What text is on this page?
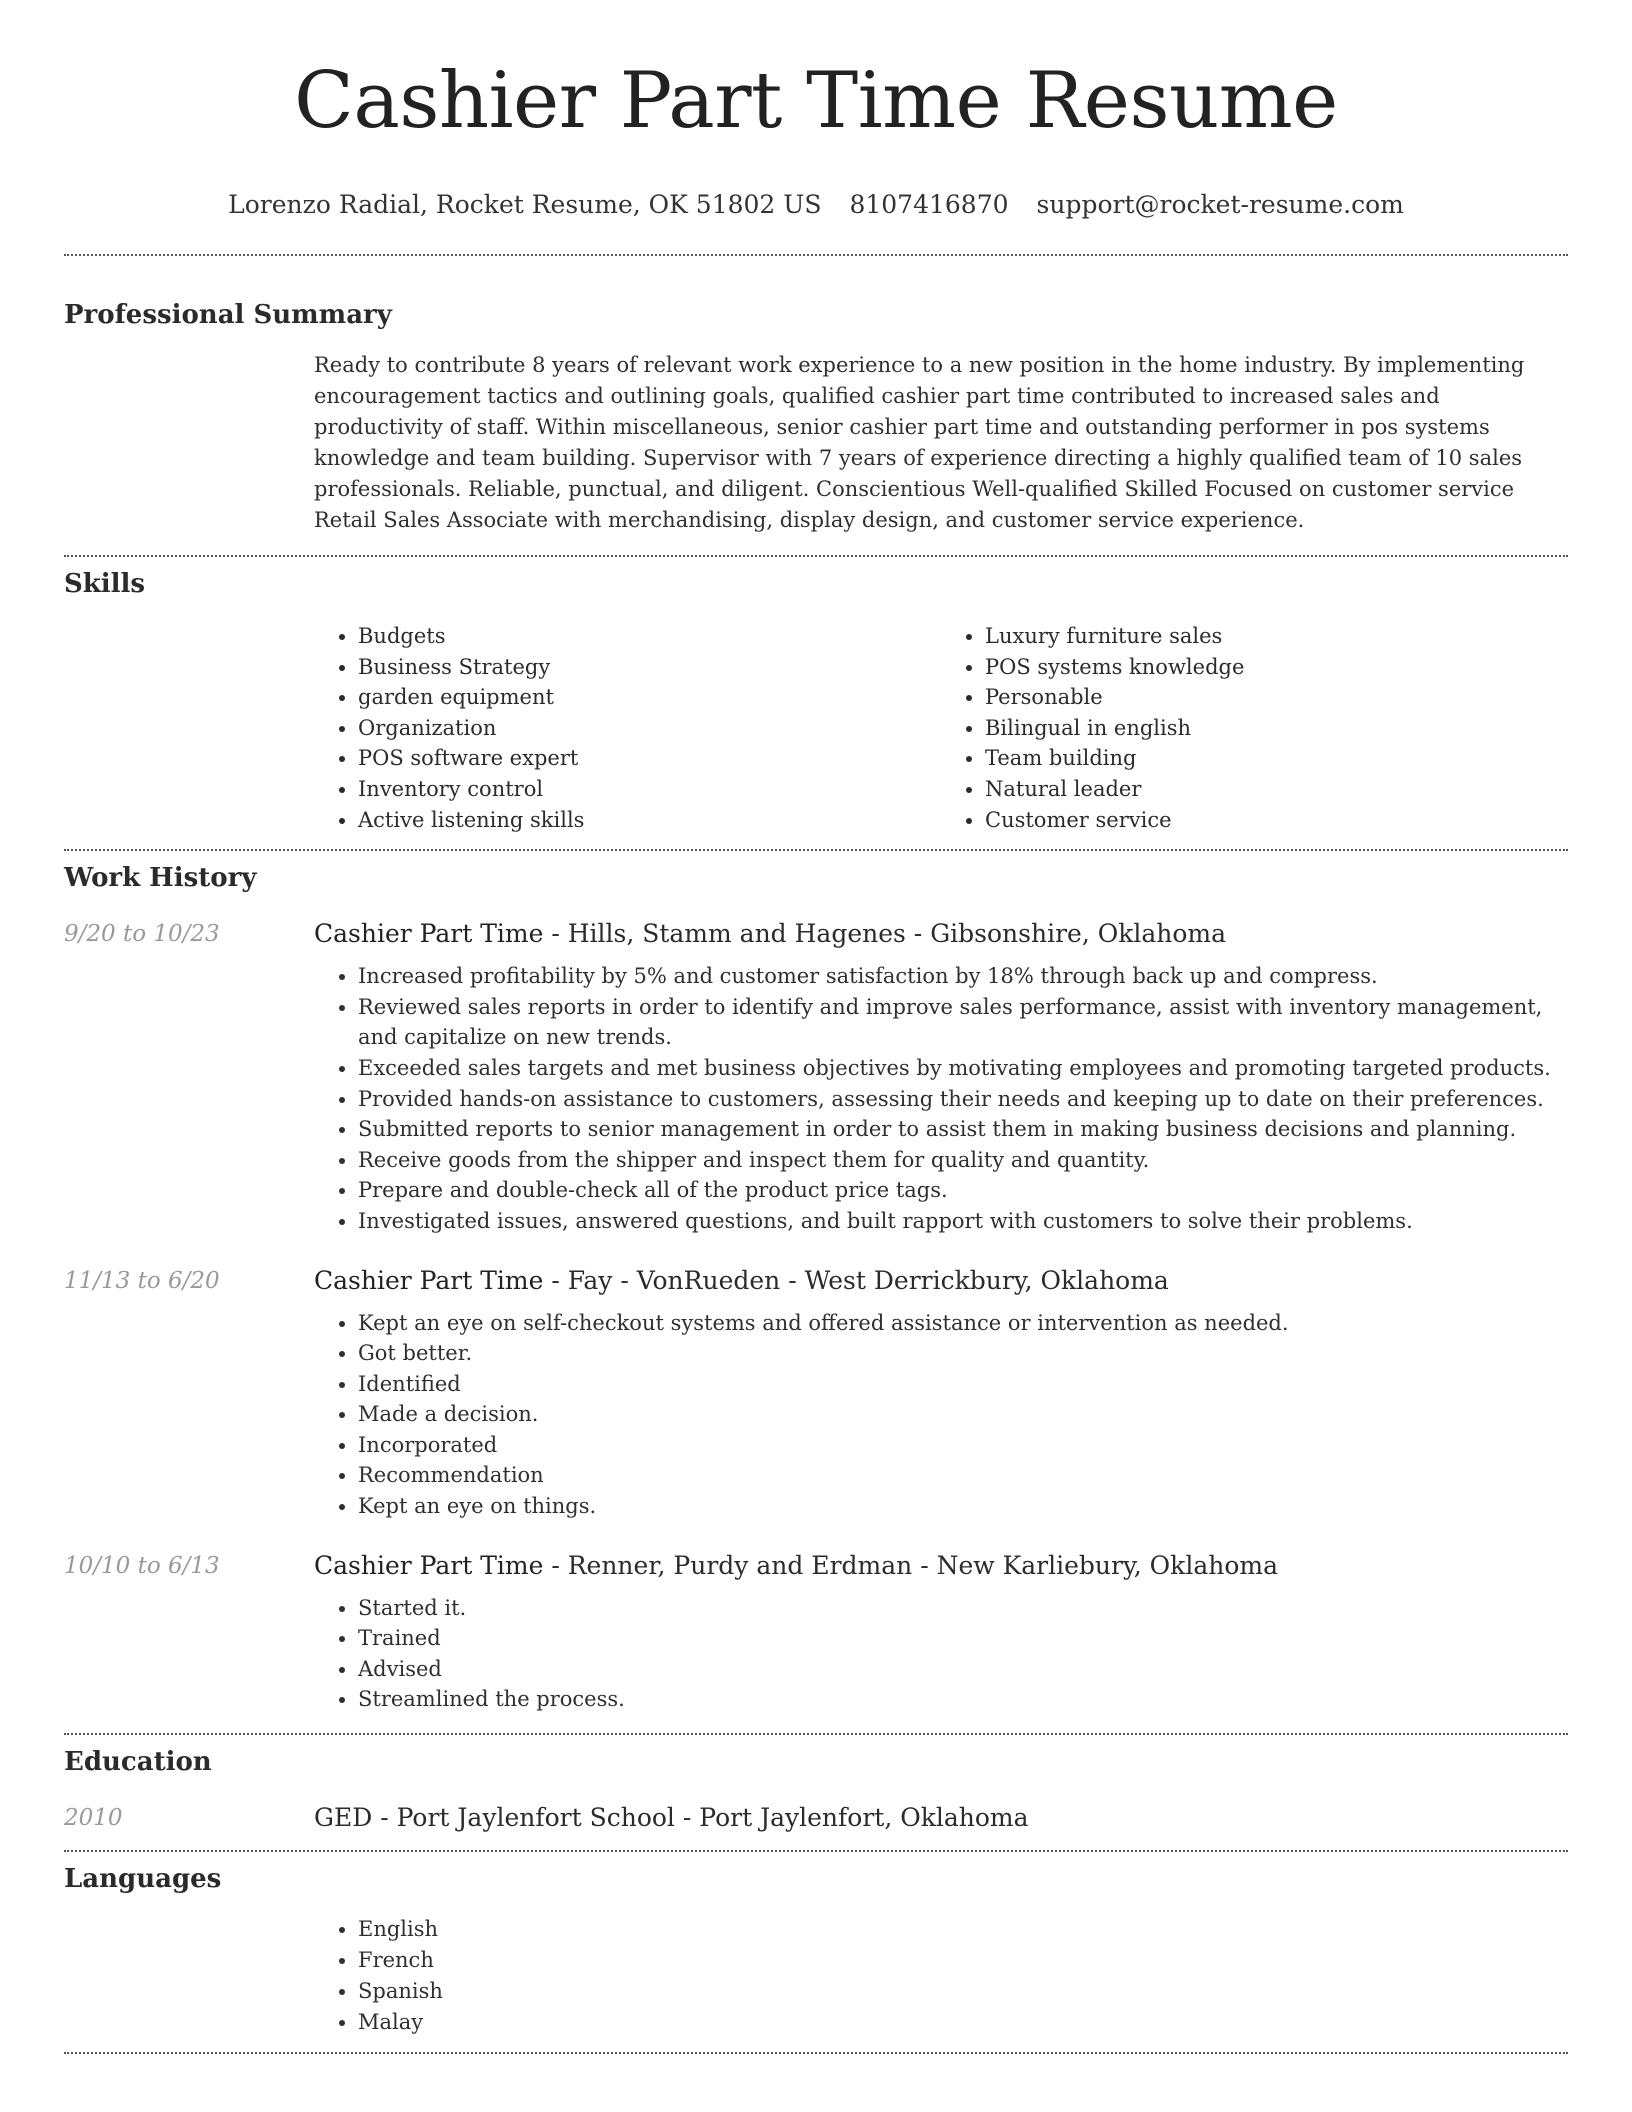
Cashier Part Time Resume
Lorenzo Radial, Rocket Resume, OK 51802 US 8107416870 support@rocket-resume.com
Professional Summary
Ready to contribute 8 years of relevant work experience to a new position in the home industry. By implementing encouragement tactics and outlining goals, qualified cashier part time contributed to increased sales and productivity of staff. Within miscellaneous, senior cashier part time and outstanding performer in pos systems knowledge and team building. Supervisor with 7 years of experience directing a highly qualified team of 10 sales professionals. Reliable, punctual, and diligent. Conscientious Well-qualified Skilled Focused on customer service Retail Sales Associate with merchandising, display design, and customer service experience.
Skills
• Budgets
• Business Strategy
• garden equipment
• Organization
• POS software expert
• Inventory control
• Active listening skills
• Luxury furniture sales
• POS systems knowledge
• Personable
• Bilingual in english
• Team building
• Natural leader
• Customer service
Work History
9/20 to 10/23	Cashier Part Time - Hills, Stamm and Hagenes - Gibsonshire, Oklahoma
• Increased profitability by 5% and customer satisfaction by 18% through back up and compress.
• Reviewed sales reports in order to identify and improve sales performance, assist with inventory management, and capitalize on new trends.
• Exceeded sales targets and met business objectives by motivating employees and promoting targeted products.
• Provided hands-on assistance to customers, assessing their needs and keeping up to date on their preferences.
• Submitted reports to senior management in order to assist them in making business decisions and planning.
• Receive goods from the shipper and inspect them for quality and quantity.
• Prepare and double-check all of the product price tags.
• Investigated issues, answered questions, and built rapport with customers to solve their problems.
11/13 to 6/20	Cashier Part Time - Fay - VonRueden - West Derrickbury, Oklahoma
• Kept an eye on self-checkout systems and offered assistance or intervention as needed.
• Got better.
• Identified
• Made a decision.
• Incorporated
• Recommendation
• Kept an eye on things.
10/10 to 6/13	Cashier Part Time - Renner, Purdy and Erdman - New Karliebury, Oklahoma
• Started it.
• Trained
• Advised
• Streamlined the process.
Education
2010	GED - Port Jaylenfort School - Port Jaylenfort, Oklahoma
Languages
• English
• French
• Spanish
• Malay
